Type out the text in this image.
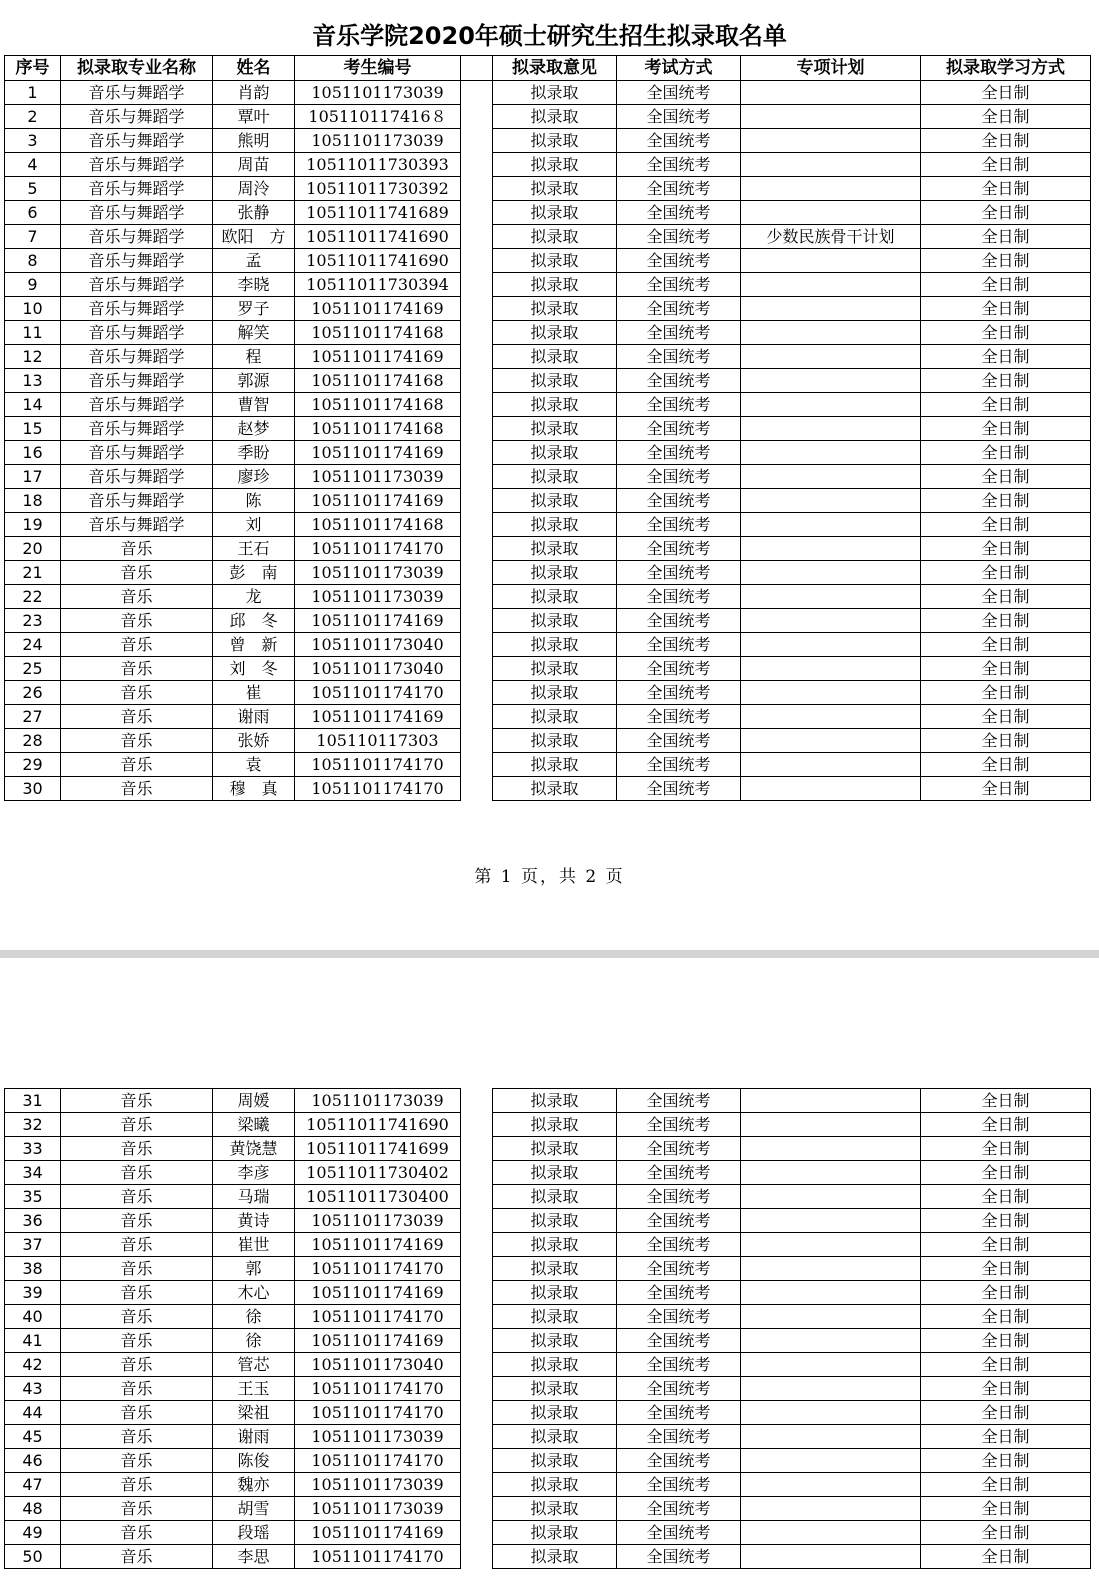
音乐学院2020年硕士研究生招生拟录取名单
序号	拟录取专业名称	姓名	考生编号		拟录取意见	考试方式	专项计划	拟录取学习方式
1	音乐与舞蹈学	肖韵	1051101173039		拟录取	全国统考		全日制
2	音乐与舞蹈学	覃叶	105110117416８		拟录取	全国统考		全日制
3	音乐与舞蹈学	熊明	1051101173039		拟录取	全国统考		全日制
4	音乐与舞蹈学	周苗	10511011730393		拟录取	全国统考		全日制
5	音乐与舞蹈学	周泠	10511011730392		拟录取	全国统考		全日制
6	音乐与舞蹈学	张静	10511011741689		拟录取	全国统考		全日制
7	音乐与舞蹈学	欧阳　方	10511011741690		拟录取	全国统考	少数民族骨干计划	全日制
8	音乐与舞蹈学	孟	10511011741690		拟录取	全国统考		全日制
9	音乐与舞蹈学	李晓	10511011730394		拟录取	全国统考		全日制
10	音乐与舞蹈学	罗子	1051101174169		拟录取	全国统考		全日制
11	音乐与舞蹈学	解笑	1051101174168		拟录取	全国统考		全日制
12	音乐与舞蹈学	程	1051101174169		拟录取	全国统考		全日制
13	音乐与舞蹈学	郭源	1051101174168		拟录取	全国统考		全日制
14	音乐与舞蹈学	曹智	1051101174168		拟录取	全国统考		全日制
15	音乐与舞蹈学	赵梦	1051101174168		拟录取	全国统考		全日制
16	音乐与舞蹈学	季盼	1051101174169		拟录取	全国统考		全日制
17	音乐与舞蹈学	廖珍	1051101173039		拟录取	全国统考		全日制
18	音乐与舞蹈学	陈	1051101174169		拟录取	全国统考		全日制
19	音乐与舞蹈学	刘	1051101174168		拟录取	全国统考		全日制
20	音乐	王石	1051101174170		拟录取	全国统考		全日制
21	音乐	彭　南	1051101173039		拟录取	全国统考		全日制
22	音乐	龙	1051101173039		拟录取	全国统考		全日制
23	音乐	邱　冬	1051101174169		拟录取	全国统考		全日制
24	音乐	曾　新	1051101173040		拟录取	全国统考		全日制
25	音乐	刘　冬	1051101173040		拟录取	全国统考		全日制
26	音乐	崔	1051101174170		拟录取	全国统考		全日制
27	音乐	谢雨	1051101174169		拟录取	全国统考		全日制
28	音乐	张娇	105110117303		拟录取	全国统考		全日制
29	音乐	袁	1051101174170		拟录取	全国统考		全日制
30	音乐	穆　真	1051101174170		拟录取	全国统考		全日制
第 1 页，共 2 页
31	音乐	周媛	1051101173039		拟录取	全国统考		全日制
32	音乐	梁曦	10511011741690		拟录取	全国统考		全日制
33	音乐	黄饶慧	10511011741699		拟录取	全国统考		全日制
34	音乐	李彦	10511011730402		拟录取	全国统考		全日制
35	音乐	马瑞	10511011730400		拟录取	全国统考		全日制
36	音乐	黄诗	1051101173039		拟录取	全国统考		全日制
37	音乐	崔世	1051101174169		拟录取	全国统考		全日制
38	音乐	郭	1051101174170		拟录取	全国统考		全日制
39	音乐	木心	1051101174169		拟录取	全国统考		全日制
40	音乐	徐	1051101174170		拟录取	全国统考		全日制
41	音乐	徐	1051101174169		拟录取	全国统考		全日制
42	音乐	管芯	1051101173040		拟录取	全国统考		全日制
43	音乐	王玉	1051101174170		拟录取	全国统考		全日制
44	音乐	梁祖	1051101174170		拟录取	全国统考		全日制
45	音乐	谢雨	1051101173039		拟录取	全国统考		全日制
46	音乐	陈俊	1051101174170		拟录取	全国统考		全日制
47	音乐	魏亦	1051101173039		拟录取	全国统考		全日制
48	音乐	胡雪	1051101173039		拟录取	全国统考		全日制
49	音乐	段瑶	1051101174169		拟录取	全国统考		全日制
50	音乐	李思	1051101174170		拟录取	全国统考		全日制
